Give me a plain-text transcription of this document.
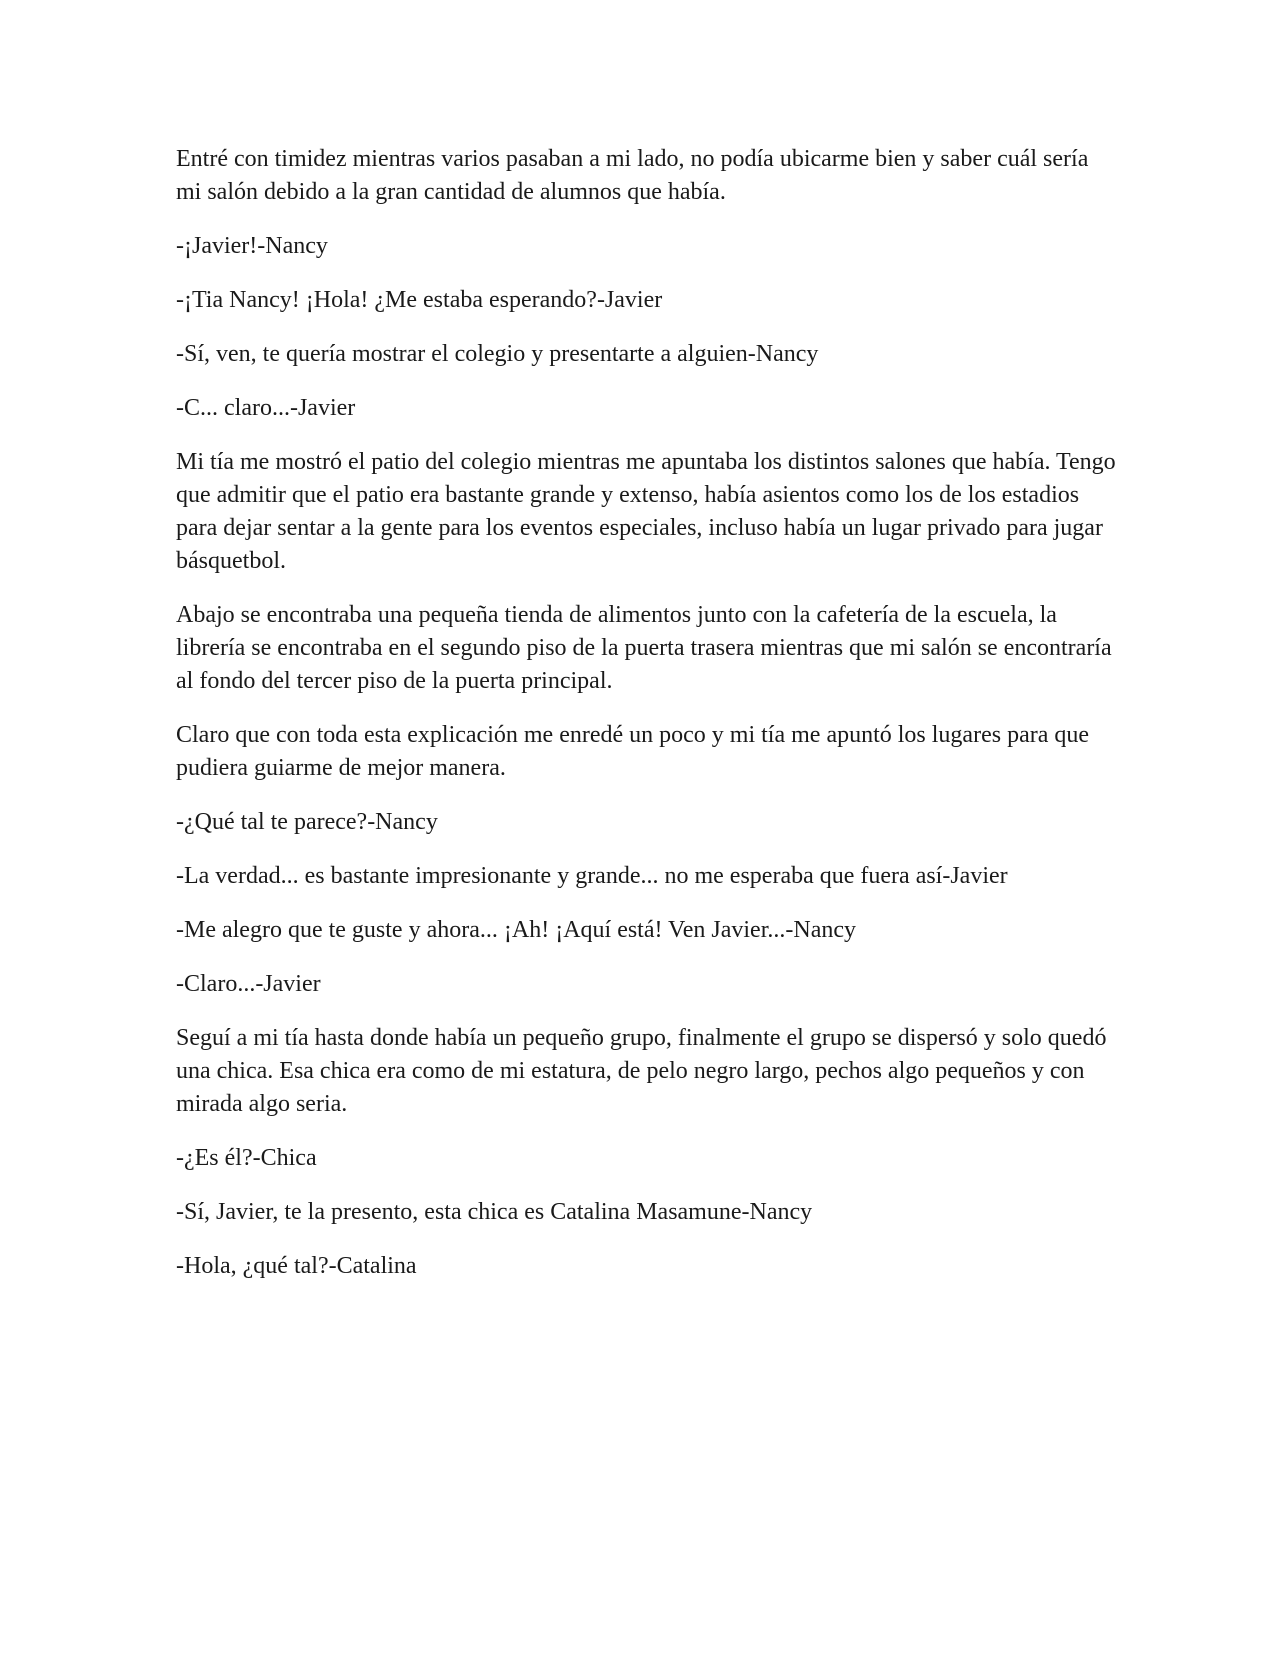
Entré con timidez mientras varios pasaban a mi lado, no podía ubicarme bien y saber cuál sería mi salón debido a la gran cantidad de alumnos que había.

-¡Javier!-Nancy

-¡Tia Nancy! ¡Hola! ¿Me estaba esperando?-Javier

-Sí, ven, te quería mostrar el colegio y presentarte a alguien-Nancy

-C... claro...-Javier

Mi tía me mostró el patio del colegio mientras me apuntaba los distintos salones que había. Tengo que admitir que el patio era bastante grande y extenso, había asientos como los de los estadios para dejar sentar a la gente para los eventos especiales, incluso había un lugar privado para jugar básquetbol.

Abajo se encontraba una pequeña tienda de alimentos junto con la cafetería de la escuela, la librería se encontraba en el segundo piso de la puerta trasera mientras que mi salón se encontraría al fondo del tercer piso de la puerta principal.

Claro que con toda esta explicación me enredé un poco y mi tía me apuntó los lugares para que pudiera guiarme de mejor manera.

-¿Qué tal te parece?-Nancy

-La verdad... es bastante impresionante y grande... no me esperaba que fuera así-Javier

-Me alegro que te guste y ahora... ¡Ah! ¡Aquí está! Ven Javier...-Nancy

-Claro...-Javier

Seguí a mi tía hasta donde había un pequeño grupo, finalmente el grupo se dispersó y solo quedó una chica. Esa chica era como de mi estatura, de pelo negro largo, pechos algo pequeños y con mirada algo seria.

-¿Es él?-Chica

-Sí, Javier, te la presento, esta chica es Catalina Masamune-Nancy

-Hola, ¿qué tal?-Catalina
